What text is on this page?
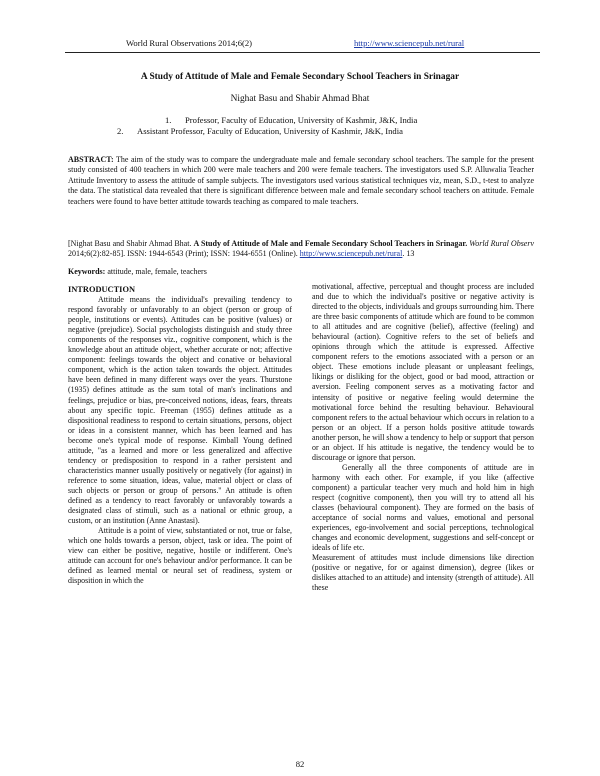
World Rural Observations 2014;6(2)	http://www.sciencepub.net/rural
A Study of Attitude of Male and Female Secondary School Teachers in Srinagar
Nighat Basu and Shabir Ahmad Bhat
1. Professor, Faculty of Education, University of Kashmir, J&K, India
2. Assistant Professor, Faculty of Education, University of Kashmir, J&K, India
ABSTRACT: The aim of the study was to compare the undergraduate male and female secondary school teachers. The sample for the present study consisted of 400 teachers in which 200 were male teachers and 200 were female teachers. The investigators used S.P. Alluwalia Teacher Attitude Inventory to assess the attitude of sample subjects. The investigators used various statistical techniques viz, mean, S.D., t-test to analyze the data. The statistical data revealed that there is significant difference between male and female secondary school teachers on attitude. Female teachers were found to have better attitude towards teaching as compared to male teachers.
[Nighat Basu and Shabir Ahmad Bhat. A Study of Attitude of Male and Female Secondary School Teachers in Srinagar. World Rural Observ 2014;6(2):82-85]. ISSN: 1944-6543 (Print); ISSN: 1944-6551 (Online). http://www.sciencepub.net/rural. 13
Keywords: attitude, male, female, teachers

INTRODUCTION

Attitude means the individual's prevailing tendency to respond favorably or unfavorably to an object (person or group of people, institutions or events). Attitudes can be positive (values) or negative (prejudice). Social psychologists distinguish and study three components of the responses viz., cognitive component, which is the knowledge about an attitude object, whether accurate or not; affective component: feelings towards the object and conative or behavioral component, which is the action taken towards the object. Attitudes have been defined in many different ways over the years. Thurstone (1935) defines attitude as the sum total of man's inclinations and feelings, prejudice or bias, pre-conceived notions, ideas, fears, threats about any specific topic. Freeman (1955) defines attitude as a dispositional readiness to respond to certain situations, persons, object or ideas in a consistent manner, which has been learned and has become one's typical mode of response. Kimball Young defined attitude, "as a learned and more or less generalized and affective tendency or predisposition to respond in a rather persistent and characteristics manner usually positively or negatively (for against) in reference to some situation, ideas, value, material object or class of such objects or person or group of persons." An attitude is often defined as a tendency to react favorably or unfavorably towards a designated class of stimuli, such as a national or ethnic group, a custom, or an institution (Anne Anastasi).

Attitude is a point of view, substantiated or not, true or false, which one holds towards a person, object, task or idea. The point of view can either be positive, negative, hostile or indifferent. One's attitude can account for one's behaviour and/or performance. It can be defined as learned mental or neural set of readiness, system or disposition in which the

motivational, affective, perceptual and thought process are included and due to which the individual's positive or negative activity is directed to the objects, individuals and groups surrounding him. There are three basic components of attitude which are found to be common to all attitudes and are cognitive (belief), affective (feeling) and behavioural (action). Cognitive refers to the set of beliefs and opinions through which the attitude is expressed. Affective component refers to the emotions associated with a person or an object. These emotions include pleasant or unpleasant feelings, likings or disliking for the object, good or bad mood, attraction or aversion. Feeling component serves as a motivating factor and intensity of positive or negative feeling would determine the motivational force behind the resulting behaviour. Behavioural component refers to the actual behaviour which occurs in relation to a person or an object. If a person holds positive attitude towards another person, he will show a tendency to help or support that person or an object. If his attitude is negative, the tendency would be to discourage or ignore that person.

Generally all the three components of attitude are in harmony with each other. For example, if you like (affective component) a particular teacher very much and hold him in high respect (cognitive component), then you will try to attend all his classes (behavioural component). They are formed on the basis of acceptance of social norms and values, emotional and personal experiences, ego-involvement and social perceptions, technological changes and economic development, suggestions and self-concept or ideals of life etc.

Measurement of attitudes must include dimensions like direction (positive or negative, for or against dimension), degree (likes or dislikes attached to an attitude) and intensity (strength of attitude). All these

82
